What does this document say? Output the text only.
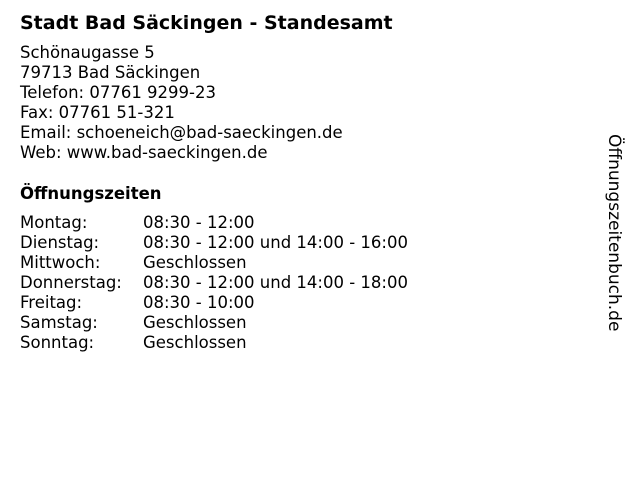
Stadt Bad Säckingen - Standesamt
Schönaugasse 5
79713 Bad Säckingen
Telefon: 07761 9299-23
Fax: 07761 51-321
Email: schoeneich@bad-saeckingen.de
Web: www.bad-saeckingen.de
Öffnungszeiten
Montag:	08:30 - 12:00
Dienstag:	08:30 - 12:00 und 14:00 - 16:00
Mittwoch:	Geschlossen
Donnerstag: 08:30 - 12:00 und 14:00 - 18:00
Freitag:	08:30 - 10:00
Samstag:	Geschlossen
Sonntag:	Geschlossen
Öffnungszeitenbuch.de
